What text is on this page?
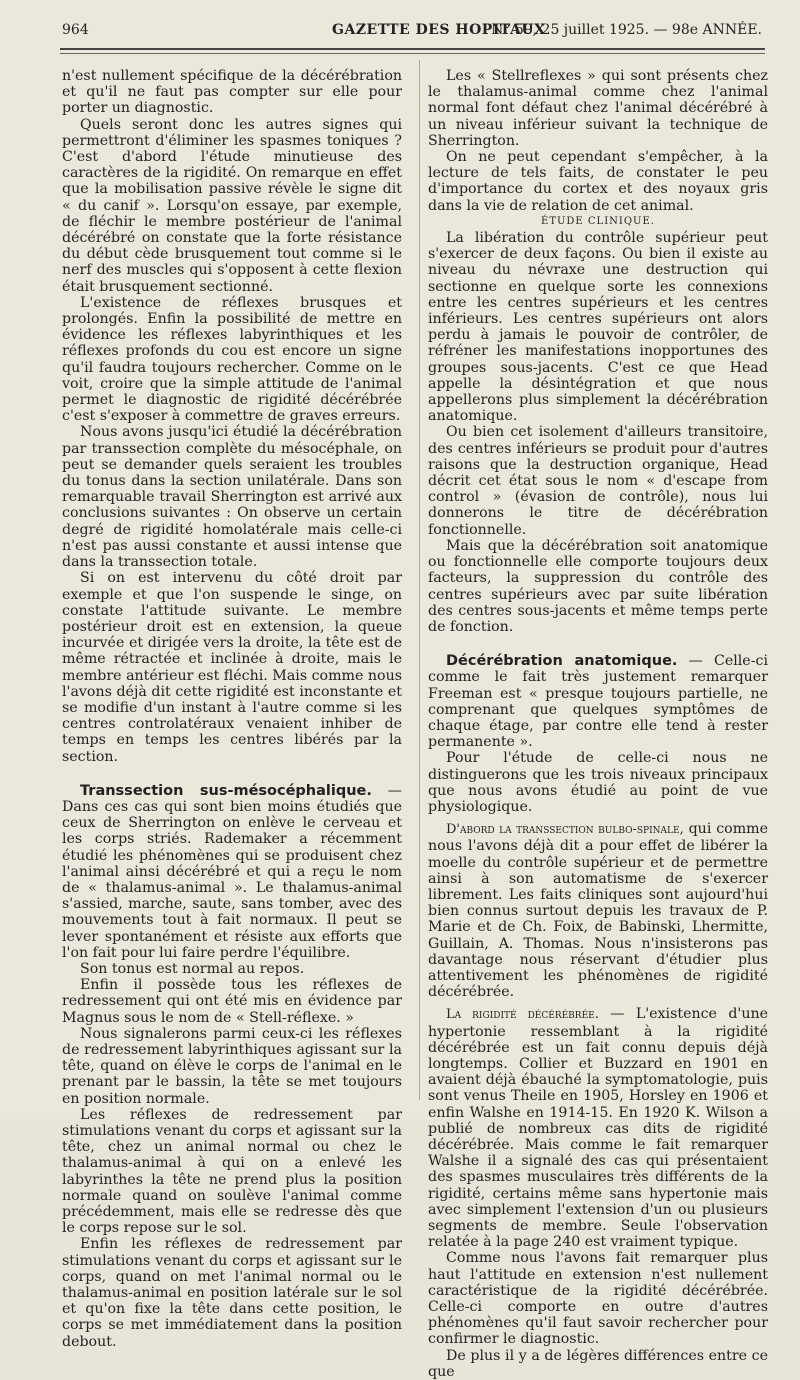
964	GAZETTE DES HOPITAUX
N° 59, 25 juillet 1925. — 98e ANNÉE.

n'est nullement spécifique de la décérébration et qu'il ne faut pas compter sur elle pour porter un diagnostic.

Quels seront donc les autres signes qui permettront d'éliminer les spasmes toniques ? C'est d'abord l'étude minutieuse des caractères de la rigidité. On remarque en effet que la mobilisation passive révèle le signe dit « du canif ». Lorsqu'on essaye, par exemple, de fléchir le membre postérieur de l'animal décérébré on constate que la forte résistance du début cède brusquement tout comme si le nerf des muscles qui s'opposent à cette flexion était brusquement sectionné.

L'existence de réflexes brusques et prolongés. Enfin la possibilité de mettre en évidence les réflexes labyrinthiques et les réflexes profonds du cou est encore un signe qu'il faudra toujours rechercher. Comme on le voit, croire que la simple attitude de l'animal permet le diagnostic de rigidité décérébrée c'est s'exposer à commettre de graves erreurs.

Nous avons jusqu'ici étudié la décérébration par transsection complète du mésocéphale, on peut se demander quels seraient les troubles du tonus dans la section unilatérale. Dans son remarquable travail Sherrington est arrivé aux conclusions suivantes : On observe un certain degré de rigidité homolatérale mais celle-ci n'est pas aussi constante et aussi intense que dans la transsection totale.

Si on est intervenu du côté droit par exemple et que l'on suspende le singe, on constate l'attitude suivante. Le membre postérieur droit est en extension, la queue incurvée et dirigée vers la droite, la tête est de même rétractée et inclinée à droite, mais le membre antérieur est fléchi. Mais comme nous l'avons déjà dit cette rigidité est inconstante et se modifie d'un instant à l'autre comme si les centres controlatéraux venaient inhiber de temps en temps les centres libérés par la section.

Transsection sus-mésocéphalique. — Dans ces cas qui sont bien moins étudiés que ceux de Sherrington on enlève le cerveau et les corps striés. Rademaker a récemment étudié les phénomènes qui se produisent chez l'animal ainsi décérébré et qui a reçu le nom de « thalamus-animal ». Le thalamus-animal s'assied, marche, saute, sans tomber, avec des mouvements tout à fait normaux. Il peut se lever spontanément et résiste aux efforts que l'on fait pour lui faire perdre l'équilibre.

Son tonus est normal au repos.

Enfin il possède tous les réflexes de redressement qui ont été mis en évidence par Magnus sous le nom de « Stell-réflexe. »

Nous signalerons parmi ceux-ci les réflexes de redressement labyrinthiques agissant sur la tête, quand on élève le corps de l'animal en le prenant par le bassin, la tête se met toujours en position normale.

Les réflexes de redressement par stimulations venant du corps et agissant sur la tête, chez un animal normal ou chez le thalamus-animal à qui on a enlevé les labyrinthes la tête ne prend plus la position normale quand on soulève l'animal comme précédemment, mais elle se redresse dès que le corps repose sur le sol.

Enfin les réflexes de redressement par stimulations venant du corps et agissant sur le corps, quand on met l'animal normal ou le thalamus-animal en position latérale sur le sol et qu'on fixe la tête dans cette position, le corps se met immédiatement dans la position debout.

Les « Stellreflexes » qui sont présents chez le thalamus-animal comme chez l'animal normal font défaut chez l'animal décérébré à un niveau inférieur suivant la technique de Sherrington.

On ne peut cependant s'empêcher, à la lecture de tels faits, de constater le peu d'importance du cortex et des noyaux gris dans la vie de relation de cet animal.

ÉTUDE CLINIQUE.

La libération du contrôle supérieur peut s'exercer de deux façons. Ou bien il existe au niveau du névraxe une destruction qui sectionne en quelque sorte les connexions entre les centres supérieurs et les centres inférieurs. Les centres supérieurs ont alors perdu à jamais le pouvoir de contrôler, de réfréner les manifestations inopportunes des groupes sous-jacents. C'est ce que Head appelle la désintégration et que nous appellerons plus simplement la décérébration anatomique.

Ou bien cet isolement d'ailleurs transitoire, des centres inférieurs se produit pour d'autres raisons que la destruction organique, Head décrit cet état sous le nom « d'escape from control » (évasion de contrôle), nous lui donnerons le titre de décérébration fonctionnelle.

Mais que la décérébration soit anatomique ou fonctionnelle elle comporte toujours deux facteurs, la suppression du contrôle des centres supérieurs avec par suite libération des centres sous-jacents et même temps perte de fonction.

Décérébration anatomique. — Celle-ci comme le fait très justement remarquer Freeman est « presque toujours partielle, ne comprenant que quelques symptômes de chaque étage, par contre elle tend à rester permanente ».

Pour l'étude de celle-ci nous ne distinguerons que les trois niveaux principaux que nous avons étudié au point de vue physiologique.

D'abord la transsection bulbo-spinale, qui comme nous l'avons déjà dit a pour effet de libérer la moelle du contrôle supérieur et de permettre ainsi à son automatisme de s'exercer librement. Les faits cliniques sont aujourd'hui bien connus surtout depuis les travaux de P. Marie et de Ch. Foix, de Babinski, Lhermitte, Guillain, A. Thomas. Nous n'insisterons pas davantage nous réservant d'étudier plus attentivement les phénomènes de rigidité décérébrée.

La rigidité décérébrée. — L'existence d'une hypertonie ressemblant à la rigidité décérébrée est un fait connu depuis déjà longtemps. Collier et Buzzard en 1901 en avaient déjà ébauché la symptomatologie, puis sont venus Theile en 1905, Horsley en 1906 et enfin Walshe en 1914-15. En 1920 K. Wilson a publié de nombreux cas dits de rigidité décérébrée. Mais comme le fait remarquer Walshe il a signalé des cas qui présentaient des spasmes musculaires très différents de la rigidité, certains même sans hypertonie mais avec simplement l'extension d'un ou plusieurs segments de membre. Seule l'observation relatée à la page 240 est vraiment typique.

Comme nous l'avons fait remarquer plus haut l'attitude en extension n'est nullement caractéristique de la rigidité décérébrée. Celle-ci comporte en outre d'autres phénomènes qu'il faut savoir rechercher pour confirmer le diagnostic.

De plus il y a de légères différences entre ce que
